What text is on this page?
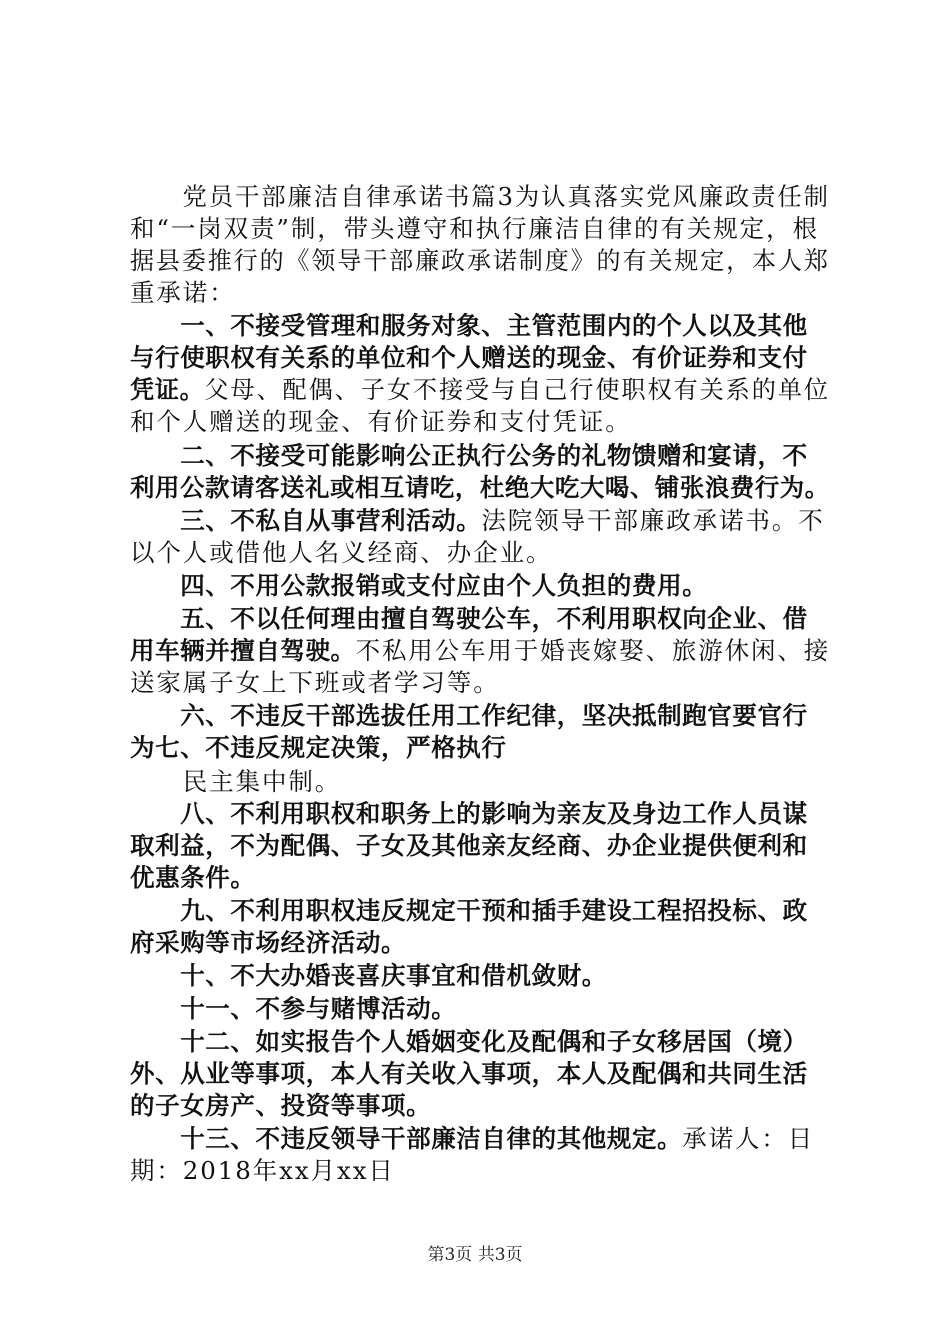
　　党员干部廉洁自律承诺书篇3为认真落实党风廉政责任制
和“一岗双责”制，带头遵守和执行廉洁自律的有关规定，根
据县委推行的《领导干部廉政承诺制度》的有关规定，本人郑
重承诺：
　　一、不接受管理和服务对象、主管范围内的个人以及其他
与行使职权有关系的单位和个人赠送的现金、有价证券和支付
凭证。父母、配偶、子女不接受与自己行使职权有关系的单位
和个人赠送的现金、有价证券和支付凭证。
　　二、不接受可能影响公正执行公务的礼物馈赠和宴请，不
利用公款请客送礼或相互请吃，杜绝大吃大喝、铺张浪费行为。
　　三、不私自从事营利活动。法院领导干部廉政承诺书。不
以个人或借他人名义经商、办企业。
　　四、不用公款报销或支付应由个人负担的费用。
　　五、不以任何理由擅自驾驶公车，不利用职权向企业、借
用车辆并擅自驾驶。不私用公车用于婚丧嫁娶、旅游休闲、接
送家属子女上下班或者学习等。
　　六、不违反干部选拔任用工作纪律，坚决抵制跑官要官行
为七、不违反规定决策，严格执行
　　民主集中制。
　　八、不利用职权和职务上的影响为亲友及身边工作人员谋
取利益，不为配偶、子女及其他亲友经商、办企业提供便利和
优惠条件。
　　九、不利用职权违反规定干预和插手建设工程招投标、政
府采购等市场经济活动。
　　十、不大办婚丧喜庆事宜和借机敛财。
　　十一、不参与赌博活动。
　　十二、如实报告个人婚姻变化及配偶和子女移居国（境）
外、从业等事项，本人有关收入事项，本人及配偶和共同生活
的子女房产、投资等事项。
　　十三、不违反领导干部廉洁自律的其他规定。承诺人：日
期：2018年xx月xx日
第3页 共3页
